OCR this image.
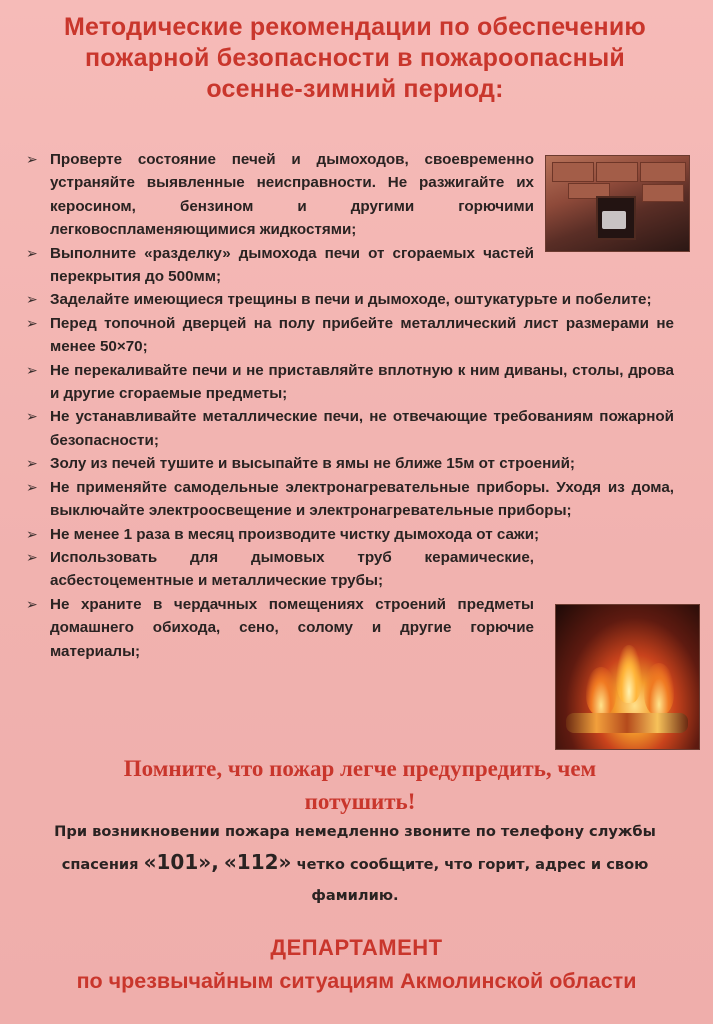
Методические рекомендации по обеспечению
пожарной безопасности в пожароопасный
осенне-зимний период:
➢ Проверте состояние печей и дымоходов, своевременно устраняйте выявленные неисправности. Не разжигайте их керосином, бензином и другими горючими легковоспламеняющимися жидкостями;
➢ Выполните «разделку» дымохода печи от сгораемых частей перекрытия до 500мм;
➢ Заделайте имеющиеся трещины в печи и дымоходе, оштукатурьте и побелите;
➢ Перед топочной дверцей на полу прибейте металлический лист размерами не менее 50×70;
➢ Не перекаливайте печи и не приставляйте вплотную к ним диваны, столы, дрова и другие сгораемые предметы;
➢ Не устанавливайте металлические печи, не отвечающие требованиям пожарной безопасности;
➢ Золу из печей тушите и высыпайте в ямы не ближе 15м от строений;
➢ Не применяйте самодельные электронагревательные приборы. Уходя из дома, выключайте электроосвещение и электронагревательные приборы;
➢ Не менее 1 раза в месяц производите чистку дымохода от сажи;
➢ Использовать для дымовых труб керамические, асбестоцементные и металлические трубы;
➢ Не храните в чердачных помещениях строений предметы домашнего обихода, сено, солому и другие горючие материалы;
Помните, что пожар легче предупредить, чем
потушить!
При возникновении пожара немедленно звоните по телефону службы
спасения «101», «112» четко сообщите, что горит, адрес и свою
фамилию.
ДЕПАРТАМЕНТ
по чрезвычайным ситуациям Акмолинской области
